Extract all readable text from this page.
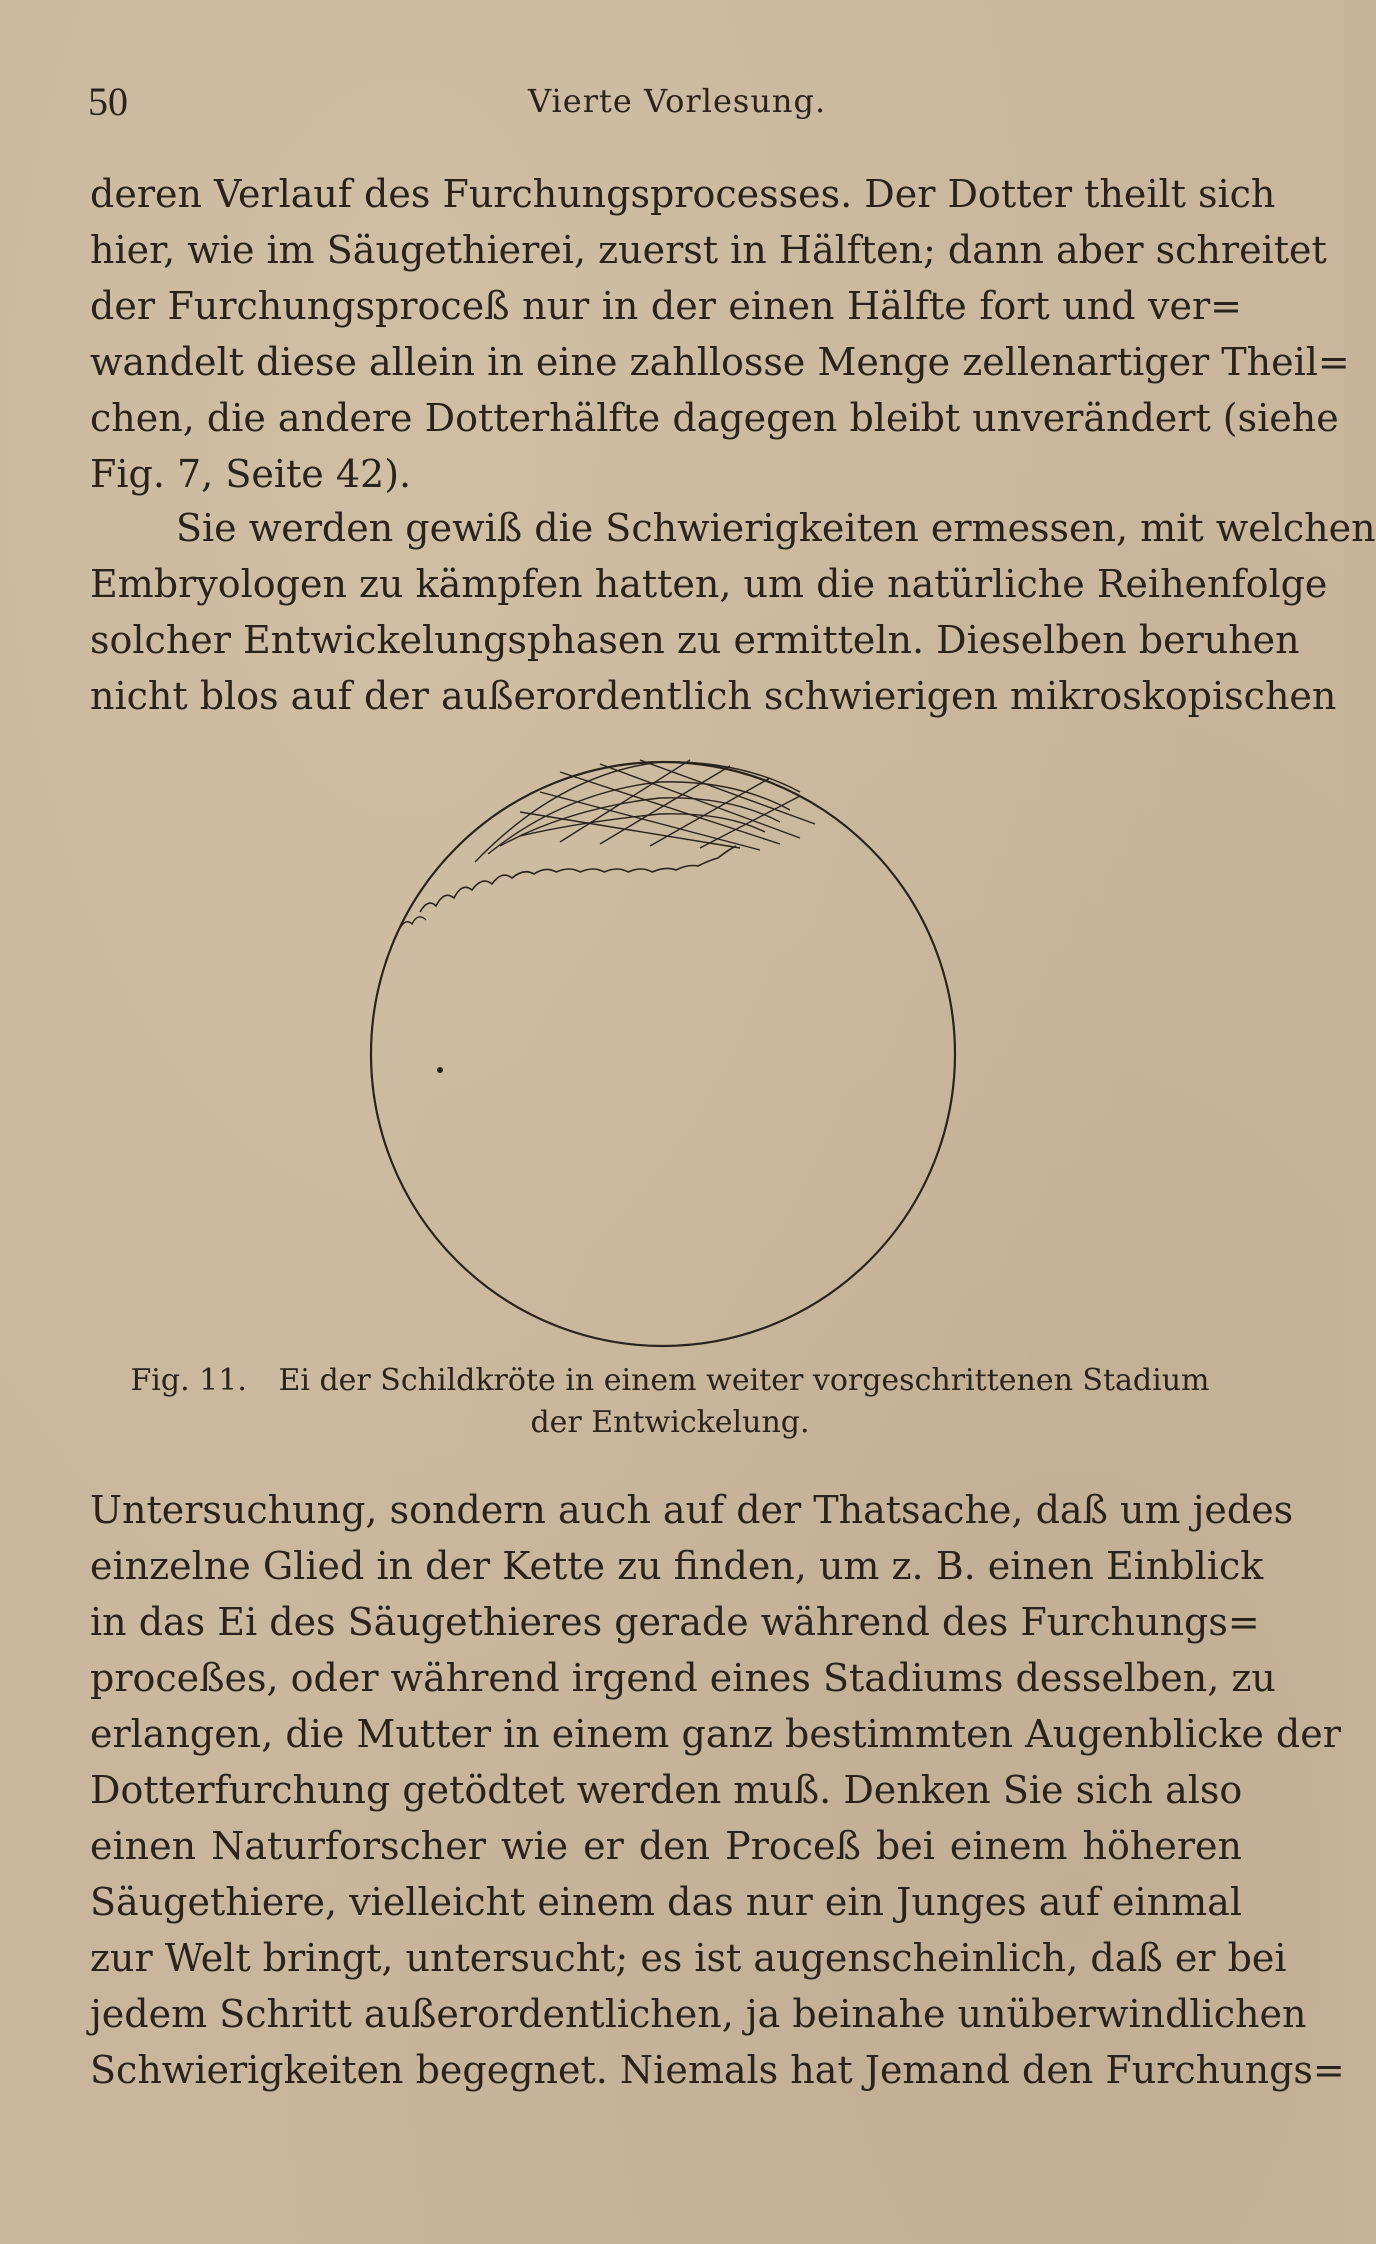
50	Vierte Vorlesung.
deren Verlauf des Furchungsprocesses. Der Dotter theilt sich
hier, wie im Säugethierei, zuerst in Hälften; dann aber schreitet
der Furchungsproceß nur in der einen Hälfte fort und ver=
wandelt diese allein in eine zahllosse Menge zellenartiger Theil=
chen, die andere Dotterhälfte dagegen bleibt unverändert (siehe
Fig. 7, Seite 42).
Sie werden gewiß die Schwierigkeiten ermessen, mit welchen
Embryologen zu kämpfen hatten, um die natürliche Reihenfolge
solcher Entwickelungsphasen zu ermitteln. Dieselben beruhen
nicht blos auf der außerordentlich schwierigen mikroskopischen
Fig. 11. Ei der Schildkröte in einem weiter vorgeschrittenen Stadium
der Entwickelung.
Untersuchung, sondern auch auf der Thatsache, daß um jedes
einzelne Glied in der Kette zu finden, um z. B. einen Einblick
in das Ei des Säugethieres gerade während des Furchungs=
proceßes, oder während irgend eines Stadiums desselben, zu
erlangen, die Mutter in einem ganz bestimmten Augenblicke der
Dotterfurchung getödtet werden muß. Denken Sie sich also
einen Naturforscher wie er den Proceß bei einem höheren
Säugethiere, vielleicht einem das nur ein Junges auf einmal
zur Welt bringt, untersucht; es ist augenscheinlich, daß er bei
jedem Schritt außerordentlichen, ja beinahe unüberwindlichen
Schwierigkeiten begegnet. Niemals hat Jemand den Furchungs=
